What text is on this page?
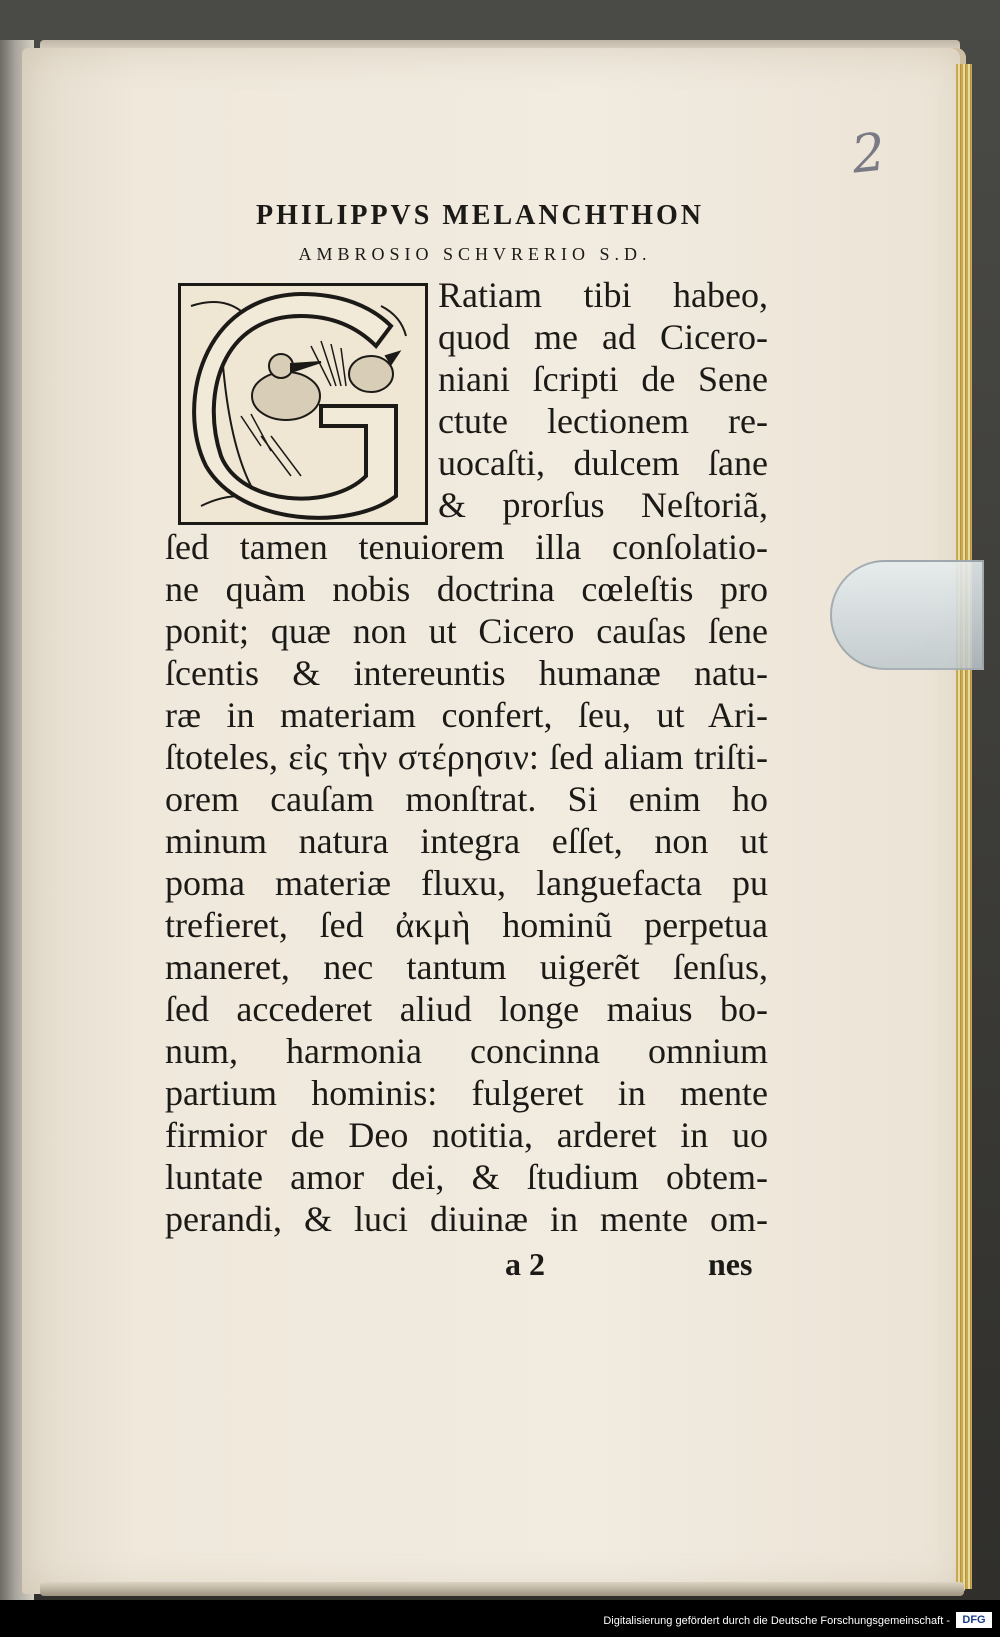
2
PHILIPPVS MELANCHTHON
AMBROSIO SCHVRERIO S.D.
Ratiam tibi habeo,
quod me ad Cicero-
niani ſcripti de Sene
ctute lectionem re-
uocaſti, dulcem ſane
& prorſus Neſtoriã,
ſed tamen tenuiorem illa conſolatio-
ne quàm nobis doctrina cœleſtis pro
ponit; quæ non ut Cicero cauſas ſene
ſcentis & intereuntis humanæ natu-
ræ in materiam confert, ſeu, ut Ari-
ſtoteles, εἰς τὴν στέρησιν: ſed aliam triſti-
orem cauſam monſtrat. Si enim ho
minum natura integra eſſet, non ut
poma materiæ fluxu, languefacta pu
trefieret, ſed ἀκμὴ hominũ perpetua
maneret, nec tantum uigerẽt ſenſus,
ſed accederet aliud longe maius bo-
num, harmonia concinna omnium
partium hominis: fulgeret in mente
firmior de Deo notitia, arderet in uo
luntate amor dei, & ſtudium obtem-
perandi, & luci diuinæ in mente om-
a 2	nes
Digitalisierung gefördert durch die Deutsche Forschungsgemeinschaft -	DFG
